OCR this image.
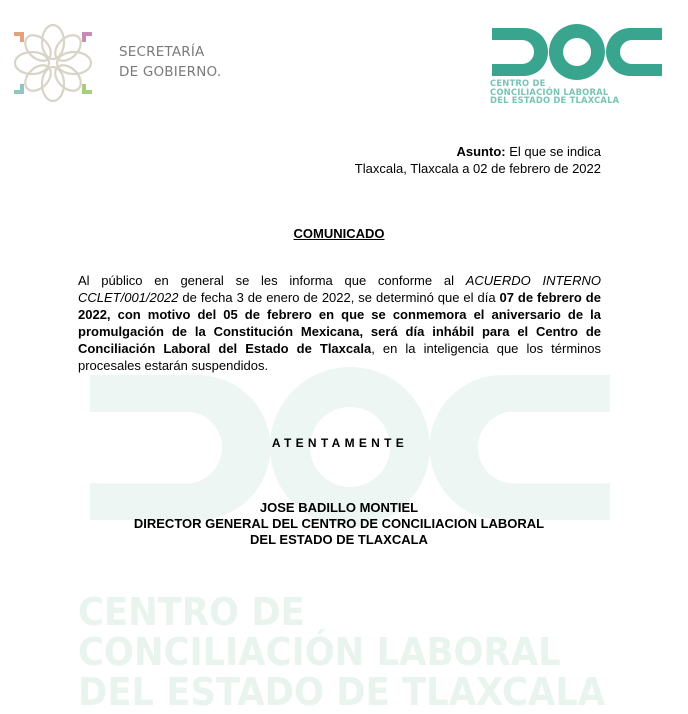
CENTRO DE
CONCILIACIÓN LABORAL
DEL ESTADO DE TLAXCALA
SECRETARÍA
DE GOBIERNO.
CENTRO DE
CONCILIACIÓN LABORAL
DEL ESTADO DE TLAXCALA
Asunto: El que se indica
Tlaxcala, Tlaxcala a 02 de febrero de 2022
COMUNICADO
Al público en general se les informa que conforme al ACUERDO INTERNO CCLET/001/2022 de fecha 3 de enero de 2022, se determinó que el día 07 de febrero de 2022, con motivo del 05 de febrero en que se conmemora el aniversario de la promulgación de la Constitución Mexicana, será día inhábil para el Centro de Conciliación Laboral del Estado de Tlaxcala, en la inteligencia que los términos procesales estarán suspendidos.
ATENTAMENTE
JOSE BADILLO MONTIEL
DIRECTOR GENERAL DEL CENTRO DE CONCILIACION LABORAL
DEL ESTADO DE TLAXCALA
